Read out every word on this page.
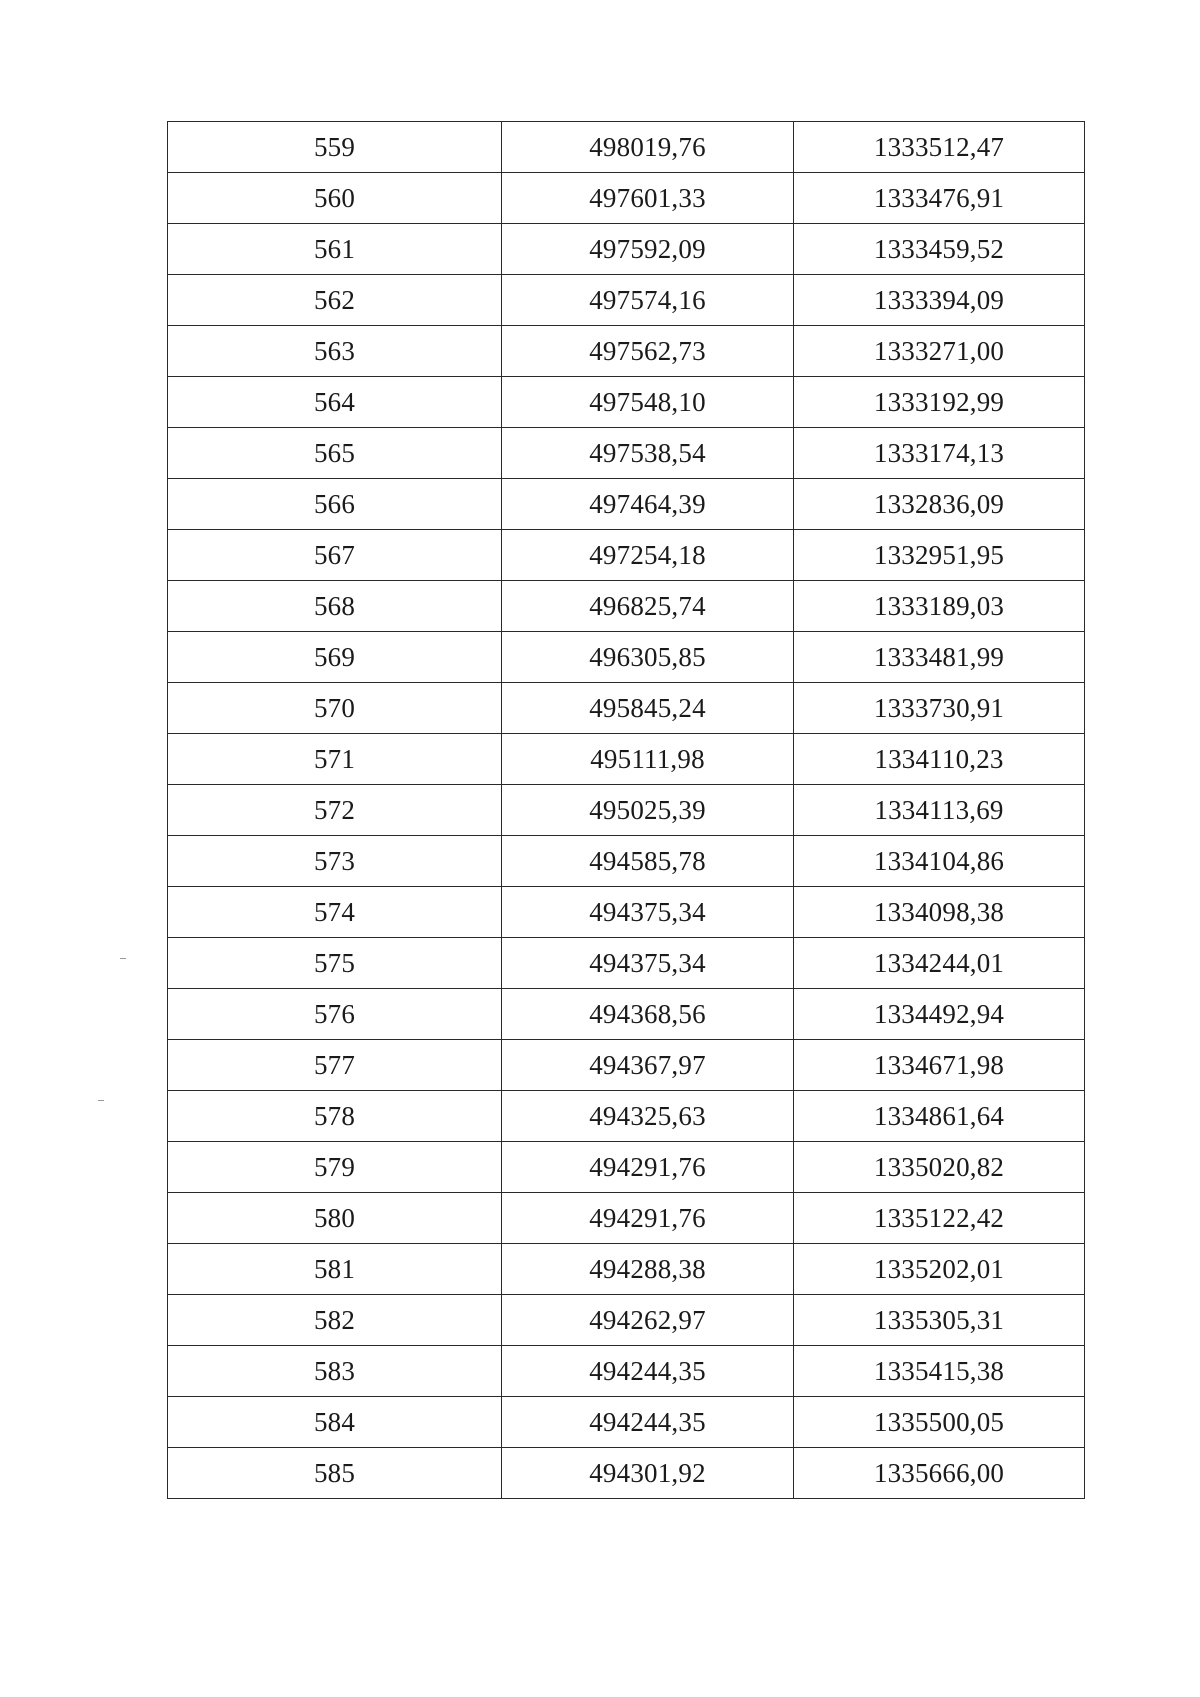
559	498019,76	1333512,47
560	497601,33	1333476,91
561	497592,09	1333459,52
562	497574,16	1333394,09
563	497562,73	1333271,00
564	497548,10	1333192,99
565	497538,54	1333174,13
566	497464,39	1332836,09
567	497254,18	1332951,95
568	496825,74	1333189,03
569	496305,85	1333481,99
570	495845,24	1333730,91
571	495111,98	1334110,23
572	495025,39	1334113,69
573	494585,78	1334104,86
574	494375,34	1334098,38
575	494375,34	1334244,01
576	494368,56	1334492,94
577	494367,97	1334671,98
578	494325,63	1334861,64
579	494291,76	1335020,82
580	494291,76	1335122,42
581	494288,38	1335202,01
582	494262,97	1335305,31
583	494244,35	1335415,38
584	494244,35	1335500,05
585	494301,92	1335666,00
